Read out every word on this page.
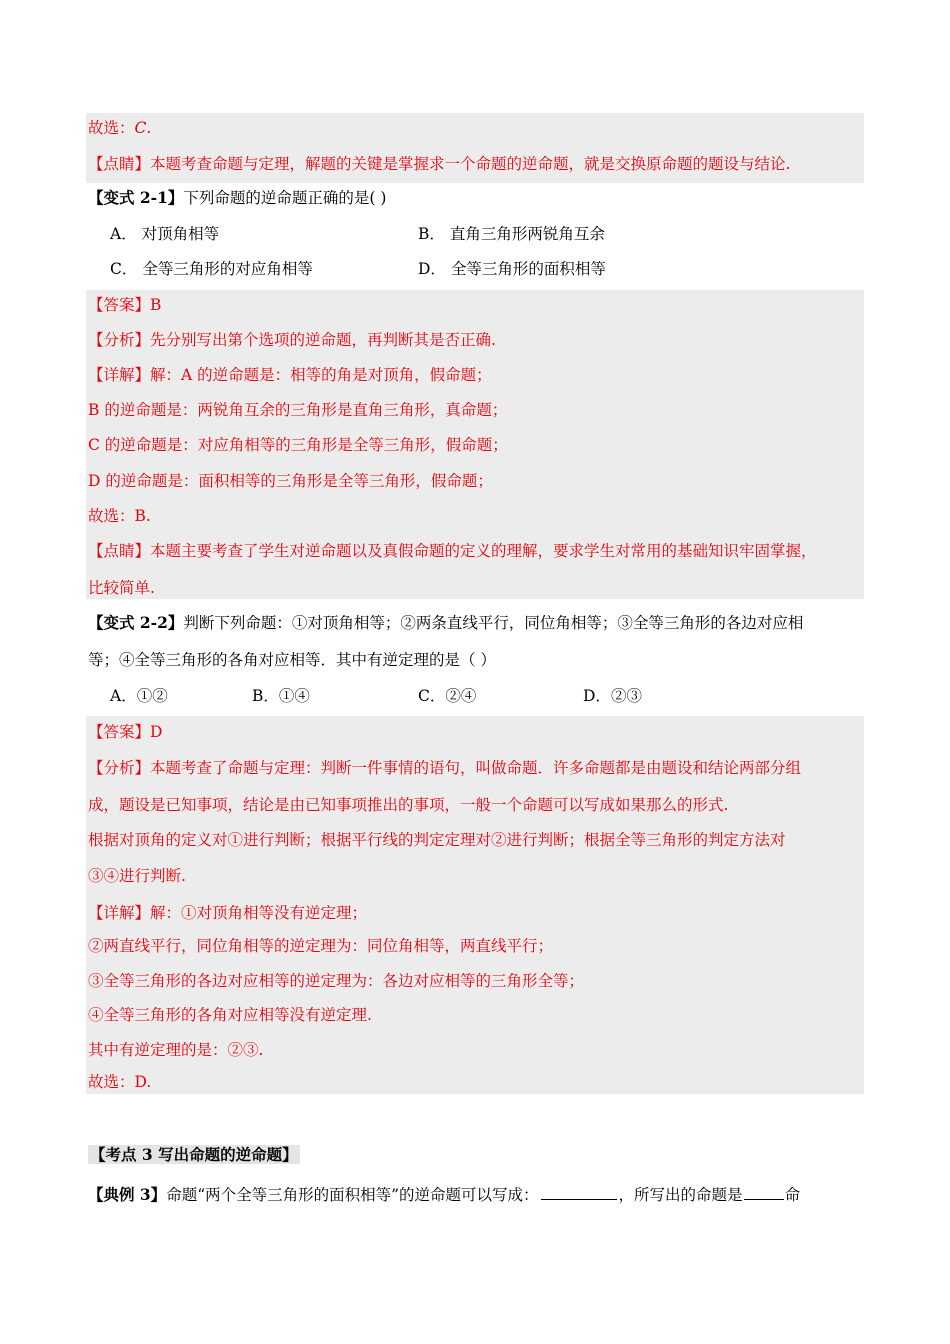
故选：C.
【点睛】本题考查命题与定理，解题的关键是掌握求一个命题的逆命题，就是交换原命题的题设与结论.
【变式 2-1】下列命题的逆命题正确的是( )
A． 对顶角相等	B． 直角三角形两锐角互余
C． 全等三角形的对应角相等	D． 全等三角形的面积相等
【答案】B
【分析】先分别写出第个选项的逆命题，再判断其是否正确.
【详解】解：A 的逆命题是：相等的角是对顶角，假命题；
B 的逆命题是：两锐角互余的三角形是直角三角形，真命题；
C 的逆命题是：对应角相等的三角形是全等三角形，假命题；
D 的逆命题是：面积相等的三角形是全等三角形，假命题；
故选：B.
【点睛】本题主要考查了学生对逆命题以及真假命题的定义的理解，要求学生对常用的基础知识牢固掌握，
比较简单.
【变式 2-2】判断下列命题：①对顶角相等；②两条直线平行，同位角相等；③全等三角形的各边对应相
等；④全等三角形的各角对应相等．其中有逆定理的是（ ）
A．①②	B．①④	C．②④	D．②③
【答案】D
【分析】本题考查了命题与定理：判断一件事情的语句，叫做命题．许多命题都是由题设和结论两部分组
成，题设是已知事项，结论是由已知事项推出的事项，一般一个命题可以写成如果那么的形式.
根据对顶角的定义对①进行判断；根据平行线的判定定理对②进行判断；根据全等三角形的判定方法对
③④进行判断.
【详解】解：①对顶角相等没有逆定理；
②两直线平行，同位角相等的逆定理为：同位角相等，两直线平行；
③全等三角形的各边对应相等的逆定理为：各边对应相等的三角形全等；
④全等三角形的各角对应相等没有逆定理.
其中有逆定理的是：②③.
故选：D.
【考点 3 写出命题的逆命题】
【典例 3】命题“两个全等三角形的面积相等”的逆命题可以写成：	，所写出的命题是	命
